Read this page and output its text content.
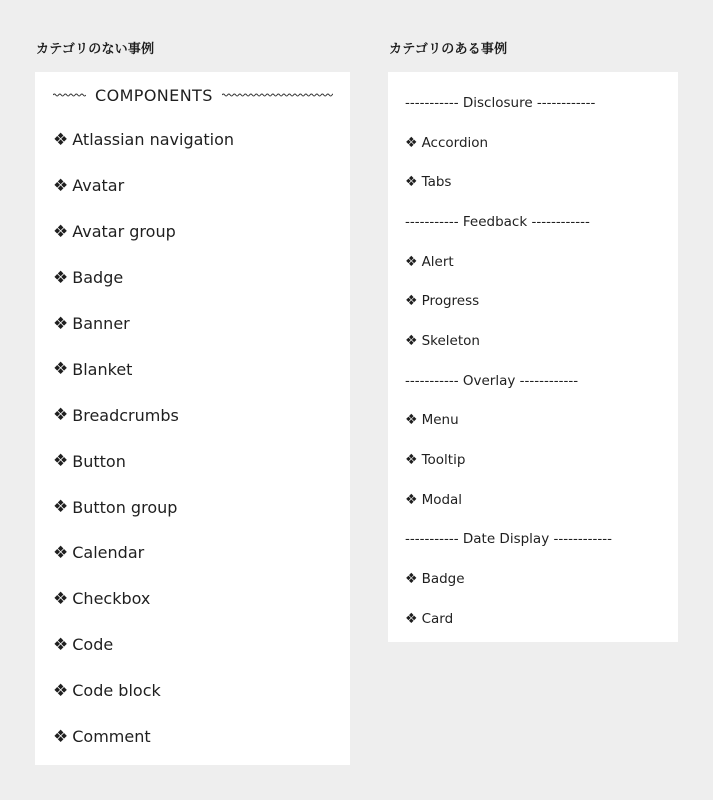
カテゴリのない事例	カテゴリのある事例
COMPONENTS
❖ Atlassian navigation
❖ Avatar
❖ Avatar group
❖ Badge
❖ Banner
❖ Blanket
❖ Breadcrumbs
❖ Button
❖ Button group
❖ Calendar
❖ Checkbox
❖ Code
❖ Code block
❖ Comment
----------- Disclosure ------------
❖ Accordion
❖ Tabs
----------- Feedback ------------
❖ Alert
❖ Progress
❖ Skeleton
----------- Overlay ------------
❖ Menu
❖ Tooltip
❖ Modal
----------- Date Display ------------
❖ Badge
❖ Card
